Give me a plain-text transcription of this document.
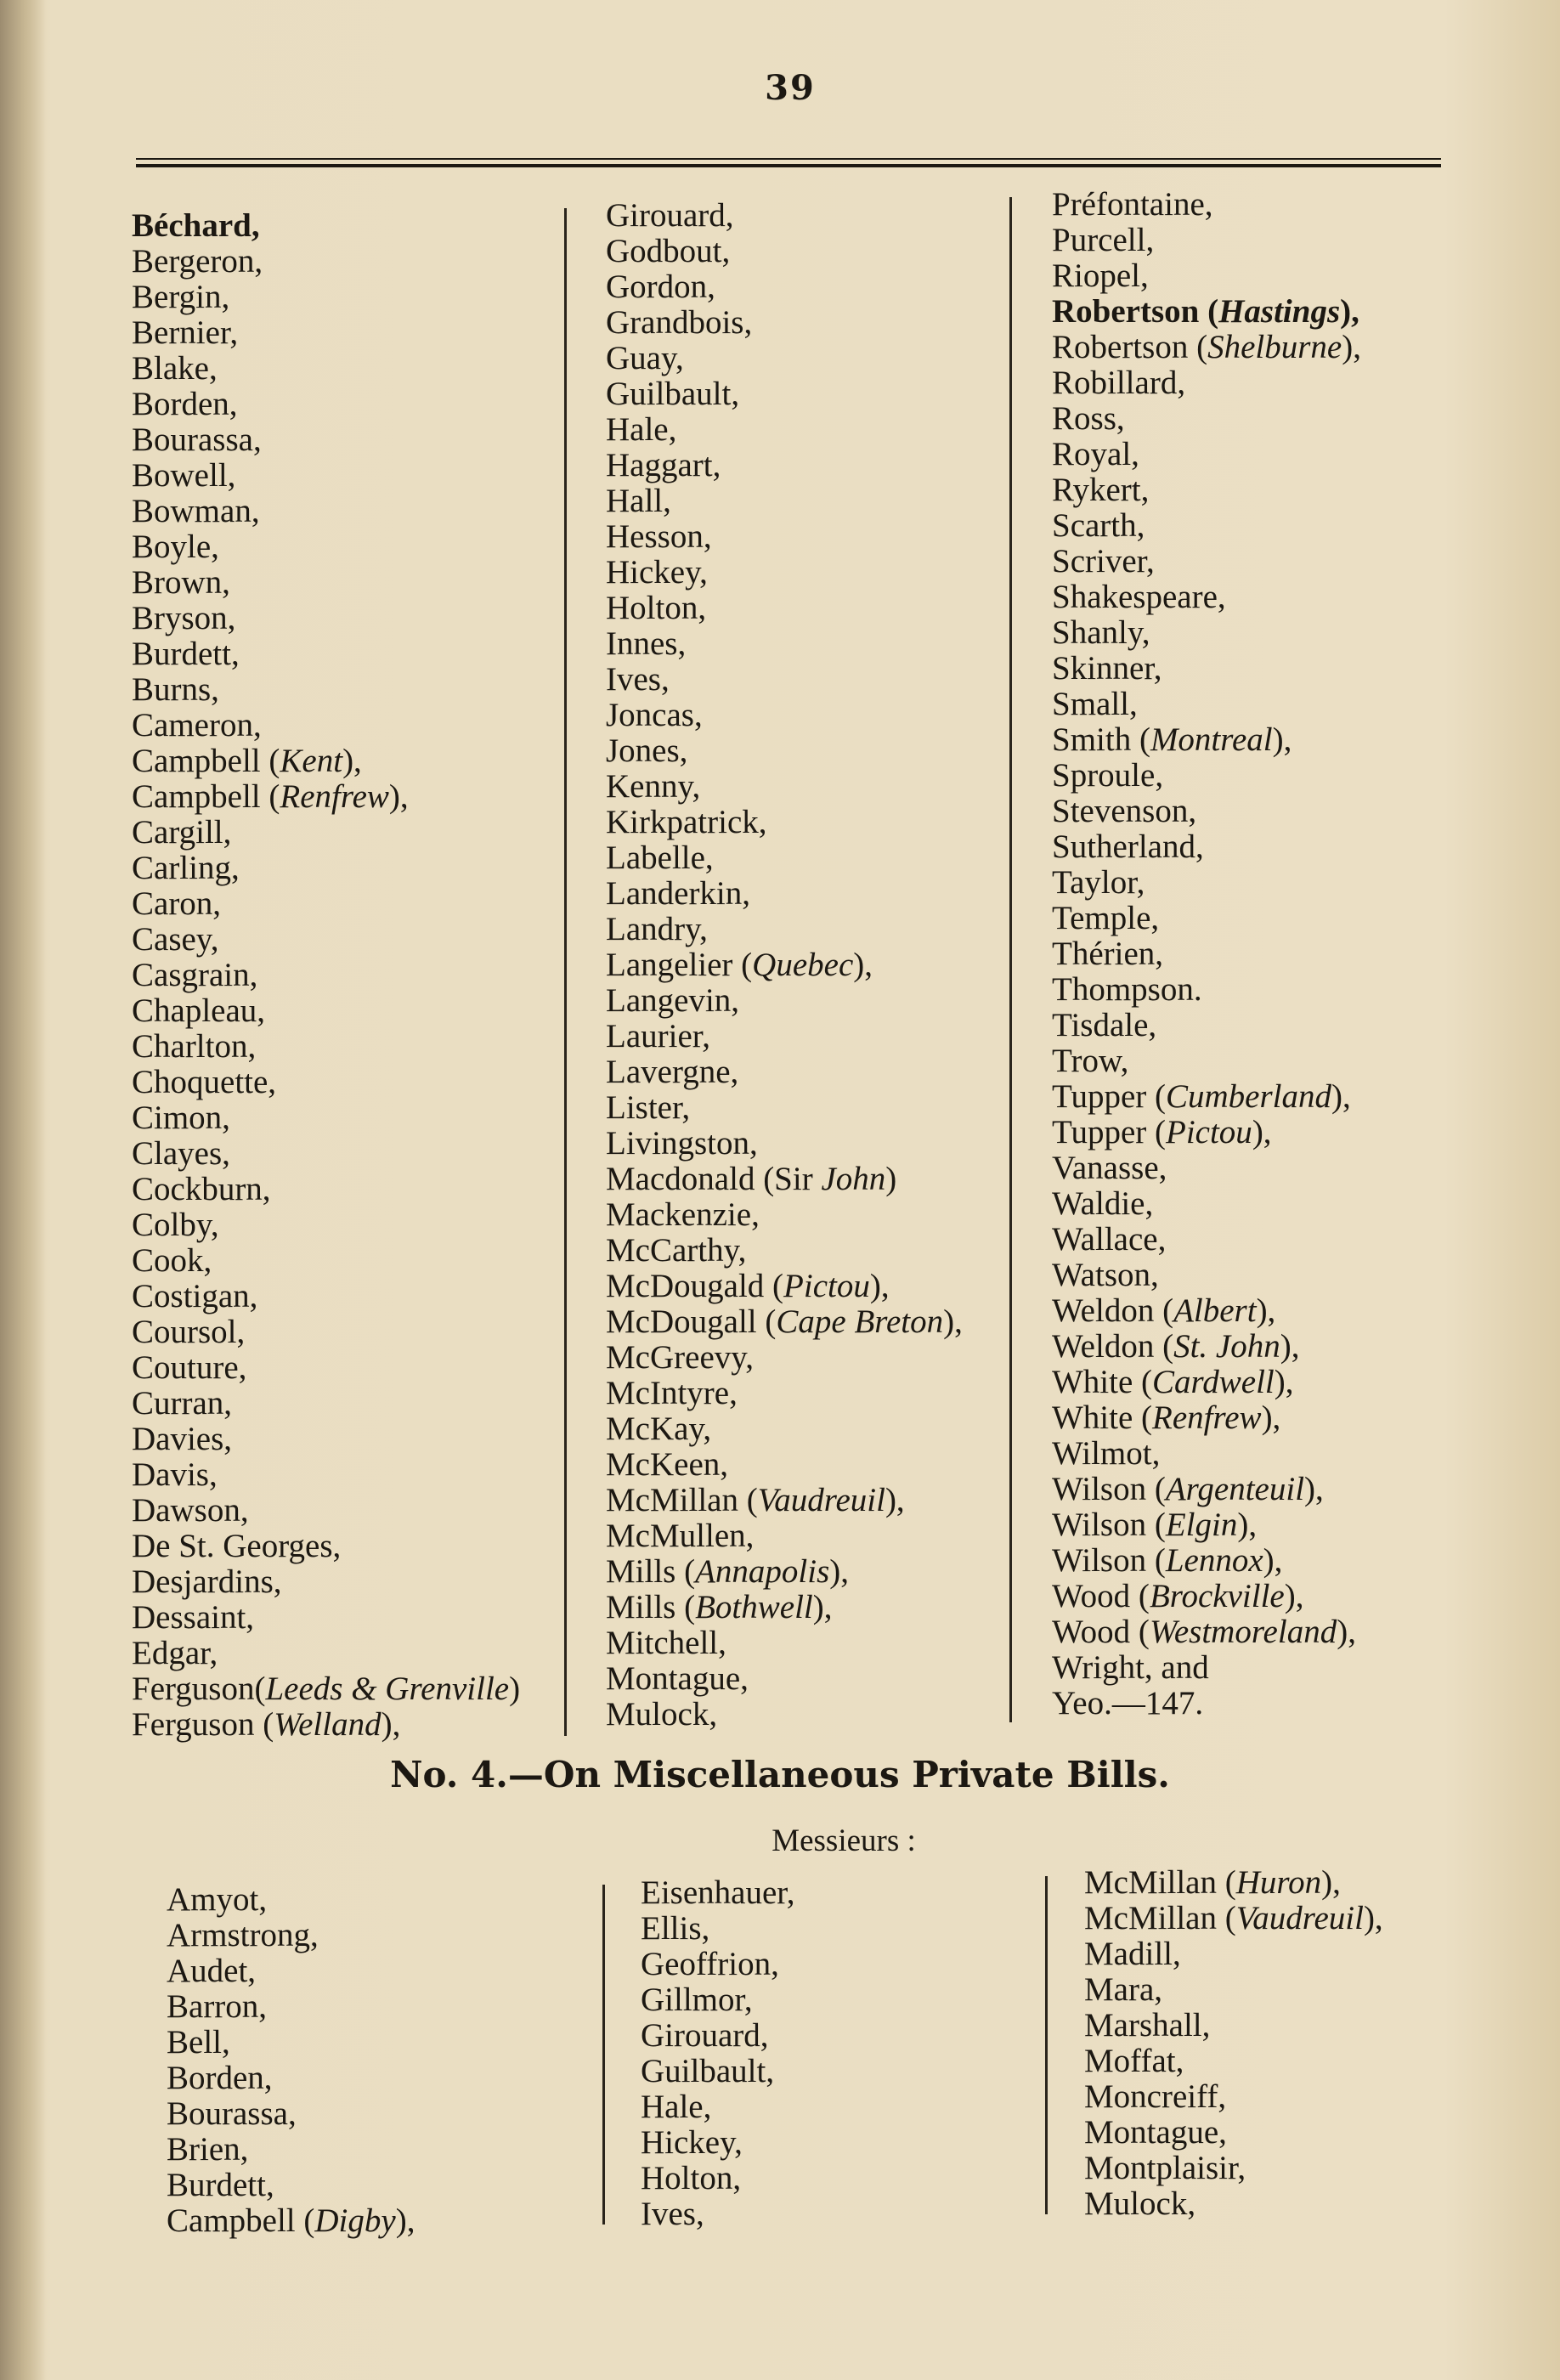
39
Béchard,
Bergeron,
Bergin,
Bernier,
Blake,
Borden,
Bourassa,
Bowell,
Bowman,
Boyle,
Brown,
Bryson,
Burdett,
Burns,
Cameron,
Campbell (Kent),
Campbell (Renfrew),
Cargill,
Carling,
Caron,
Casey,
Casgrain,
Chapleau,
Charlton,
Choquette,
Cimon,
Clayes,
Cockburn,
Colby,
Cook,
Costigan,
Coursol,
Couture,
Curran,
Davies,
Davis,
Dawson,
De St. Georges,
Desjardins,
Dessaint,
Edgar,
Ferguson(Leeds & Grenville)
Ferguson (Welland),
Girouard,
Godbout,
Gordon,
Grandbois,
Guay,
Guilbault,
Hale,
Haggart,
Hall,
Hesson,
Hickey,
Holton,
Innes,
Ives,
Joncas,
Jones,
Kenny,
Kirkpatrick,
Labelle,
Landerkin,
Landry,
Langelier (Quebec),
Langevin,
Laurier,
Lavergne,
Lister,
Livingston,
Macdonald (Sir John)
Mackenzie,
McCarthy,
McDougald (Pictou),
McDougall (Cape Breton),
McGreevy,
McIntyre,
McKay,
McKeen,
McMillan (Vaudreuil),
McMullen,
Mills (Annapolis),
Mills (Bothwell),
Mitchell,
Montague,
Mulock,
Préfontaine,
Purcell,
Riopel,
Robertson (Hastings),
Robertson (Shelburne),
Robillard,
Ross,
Royal,
Rykert,
Scarth,
Scriver,
Shakespeare,
Shanly,
Skinner,
Small,
Smith (Montreal),
Sproule,
Stevenson,
Sutherland,
Taylor,
Temple,
Thérien,
Thompson.
Tisdale,
Trow,
Tupper (Cumberland),
Tupper (Pictou),
Vanasse,
Waldie,
Wallace,
Watson,
Weldon (Albert),
Weldon (St. John),
White (Cardwell),
White (Renfrew),
Wilmot,
Wilson (Argenteuil),
Wilson (Elgin),
Wilson (Lennox),
Wood (Brockville),
Wood (Westmoreland),
Wright, and
Yeo.—147.
No. 4.—On Miscellaneous Private Bills.
Messieurs :
Amyot,
Armstrong,
Audet,
Barron,
Bell,
Borden,
Bourassa,
Brien,
Burdett,
Campbell (Digby),
Eisenhauer,
Ellis,
Geoffrion,
Gillmor,
Girouard,
Guilbault,
Hale,
Hickey,
Holton,
Ives,
McMillan (Huron),
McMillan (Vaudreuil),
Madill,
Mara,
Marshall,
Moffat,
Moncreiff,
Montague,
Montplaisir,
Mulock,
